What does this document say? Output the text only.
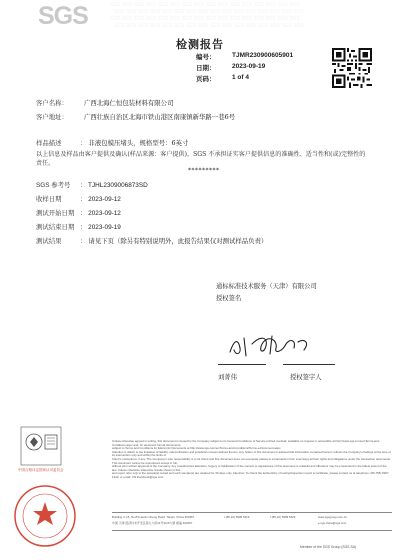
SGS	SGS SGS SGS SGS SGS SGS SGS SGS SGS SGS SGS SGS SGS SGS SGS SGS
SGS SGS SGS SGS SGS SGS SGS SGS SGS SGS SGS SGS SGS SGS SGS SGS
SGS SGS SGS SGS SGS SGS SGS SGS SGS SGS SGS SGS SGS SGS SGS SGS
SGS SGS SGS SGS SGS SGS SGS SGS SGS SGS SGS SGS SGS SGS SGS SGS
检测报告
编号：	TJMR230900605901
日期：	2023-09-19
页码：	1 of 4
客户名称：	广西北海仁恒包装材料有限公司
客户地址：	广西壮族自治区北海市铁山港区南康镇新华路一巷6号
样品描述	： 非液包模压堵头，规格型号：6英寸
以上信息及样品由客户提供及确认(样品来源：客户提供)，SGS 不承担证实客户提供信息的准确性、适当性和(或)完整性的责任。
*********
SGS 参考号 ： TJHL2309006873SD
收样日期	： 2023-09-12
测试开始日期 ： 2023-09-12
测试结束日期 ： 2023-09-19
测试结果	： 请见下页（除另有特别说明外，此报告结果仅对测试样品负责）
通标标准技术服务（天津）有限公司
授权签名
刘菁伟	授权签字人
中国合格评定国家认可委员会
Unless otherwise agreed in writing, this document is issued by the Company subject to its General Conditions of Service printed overleaf, available on request or accessible at http://www.sgs.com/en/Terms-and-Conditions.aspx and, for electronic format documents,
subject to Terms and Conditions for Electronic Documents at http://www.sgs.com/en/Terms-and-Conditions/Terms-e-Document.aspx.
Attention is drawn to the limitation of liability, indemnification and jurisdiction issues defined therein. Any holder of this document is advised that information contained hereon reflects the Company's findings at the time of its intervention only and within the limits of
Client's instructions, if any. The Company's sole responsibility is to its Client and this document does not exonerate parties to a transaction from exercising all their rights and obligations under the transaction documents. This document cannot be reproduced except in full,
without prior written approval of the Company. Any unauthorized alteration, forgery or falsification of the content or appearance of this document is unlawful and offenders may be prosecuted to the fullest extent of the law. Unless otherwise stated the results shown in this
test report refer only to the sample(s) tested and such sample(s) are retained for 30 days only. Attention: To check the authenticity of testing/inspection report & certificate, please contact us at telephone: (86-755) 8307 1443, or email: CN.Doccheck@sgs.com
Building C-15, No.84 Heiniu Cheng Road, Tianjin, China 300457	t (86-22) 5999 5319	f (86-22) 5999 5329	www.sgsgroup.com.cn
中国·天津·经济技术开发区第九大街41号SGS大厦 邮编 300457	e sgs.china@sgs.com
Member of the SGS Group (SGS SA)
